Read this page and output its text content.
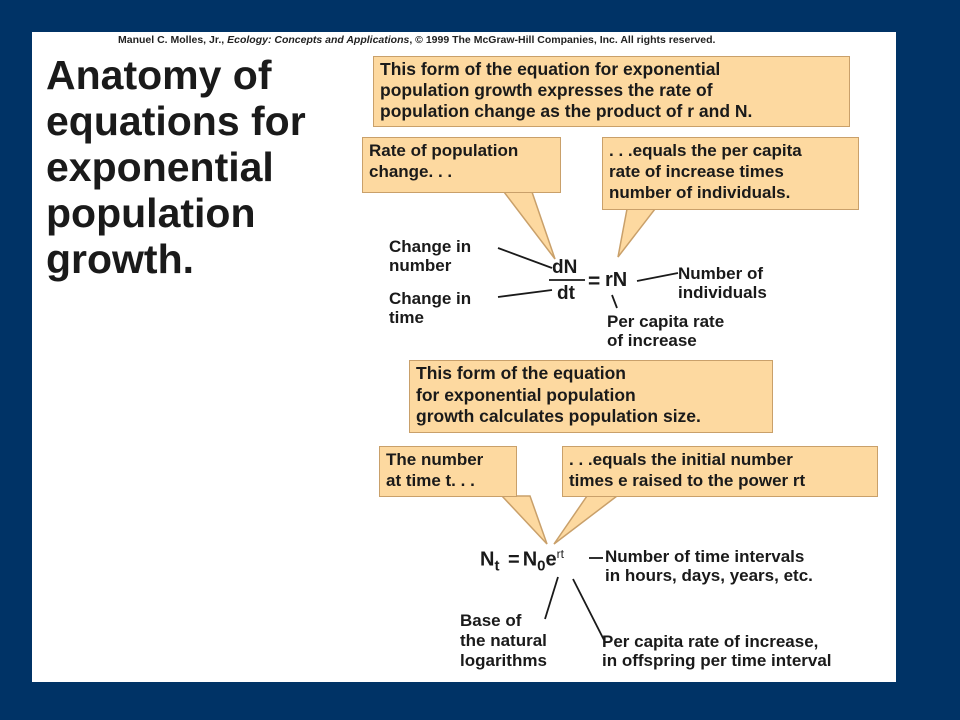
Manuel C. Molles, Jr., Ecology: Concepts and Applications, © 1999 The McGraw-Hill Companies, Inc. All rights reserved.
Anatomy of
equations for
exponential
population
growth.
This form of the equation for exponential
population growth expresses the rate of
population change as the product of r and N.
Rate of population
change. . .
. . .equals the per capita
rate of increase times
number of individuals.
Change in
number
Change in
time
dN
dt
= rN	Number of
individuals
Per capita rate
of increase
This form of the equation
for exponential population
growth calculates population size.
The number
at time t. . .
. . .equals the initial number
times e raised to the power rt
$N_t = N_0e^{rt}$ Number of time intervals
in hours, days, years, etc.
Base of
the natural
logarithms
Per capita rate of increase,
in offspring per time interval
